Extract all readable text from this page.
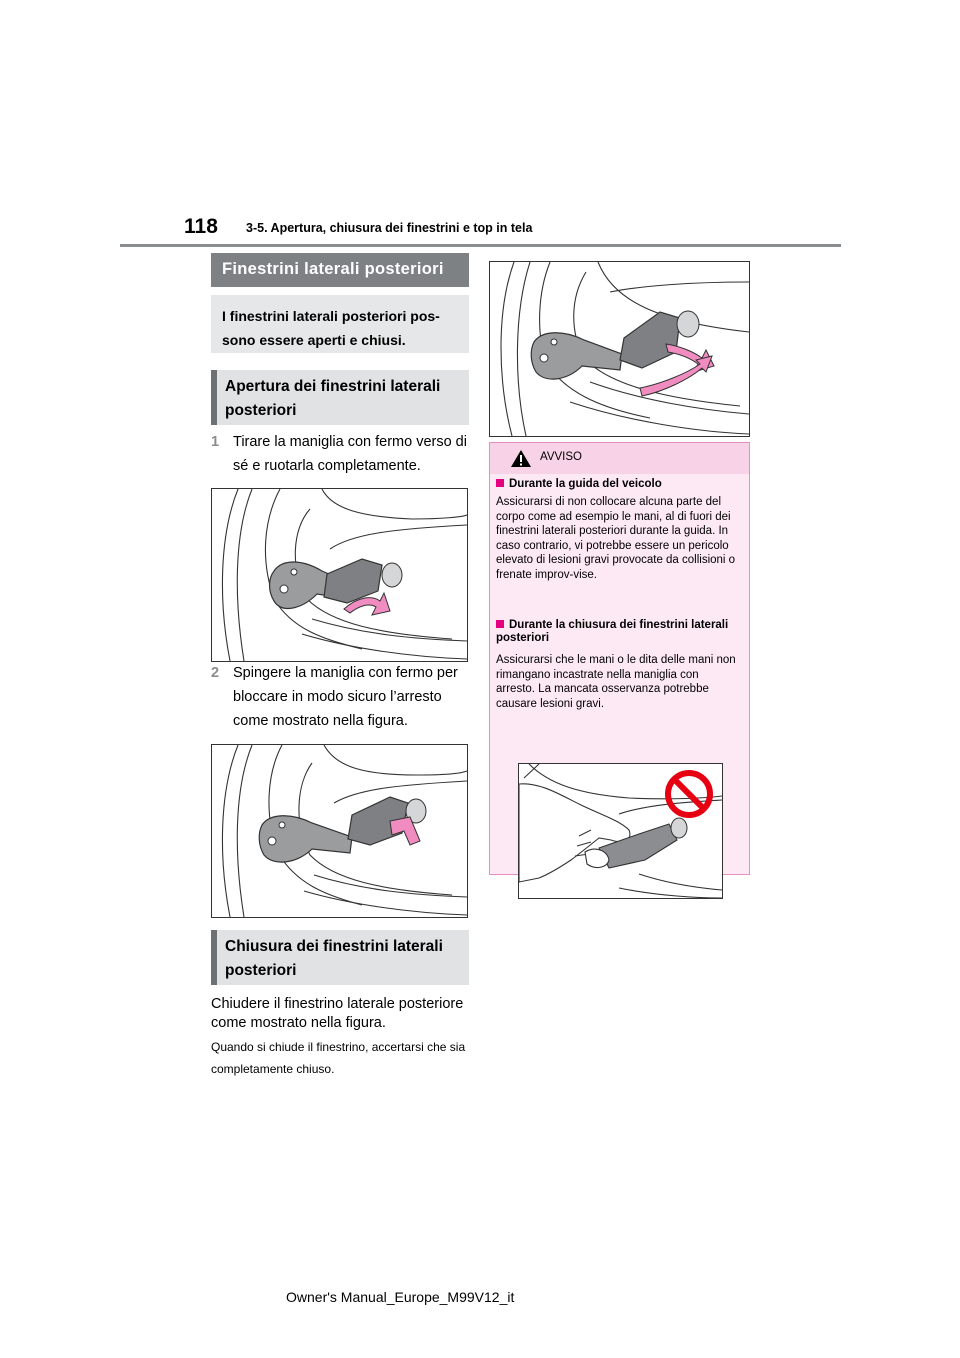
118 3-5. Apertura, chiusura dei finestrini e top in tela
Finestrini laterali posteriori
I finestrini laterali posteriori pos-sono essere aperti e chiusi.
Apertura dei finestrini laterali posteriori
1 Tirare la maniglia con fermo verso di sé e ruotarla completamente.
2 Spingere la maniglia con fermo per bloccare in modo sicuro l’arresto come mostrato nella figura.
Chiusura dei finestrini laterali posteriori
Chiudere il finestrino laterale posteriore come mostrato nella figura.
Quando si chiude il finestrino, accertarsi che sia completamente chiuso.
AVVISO
Durante la guida del veicolo
Assicurarsi di non collocare alcuna parte del corpo come ad esempio le mani, al di fuori dei finestrini laterali posteriori durante la guida. In caso contrario, vi potrebbe essere un pericolo elevato di lesioni gravi provocate da collisioni o frenate improv-vise.
Durante la chiusura dei finestrini laterali posteriori
Assicurarsi che le mani o le dita delle mani non rimangano incastrate nella maniglia con arresto. La mancata osservanza potrebbe causare lesioni gravi.
Owner's Manual_Europe_M99V12_it
